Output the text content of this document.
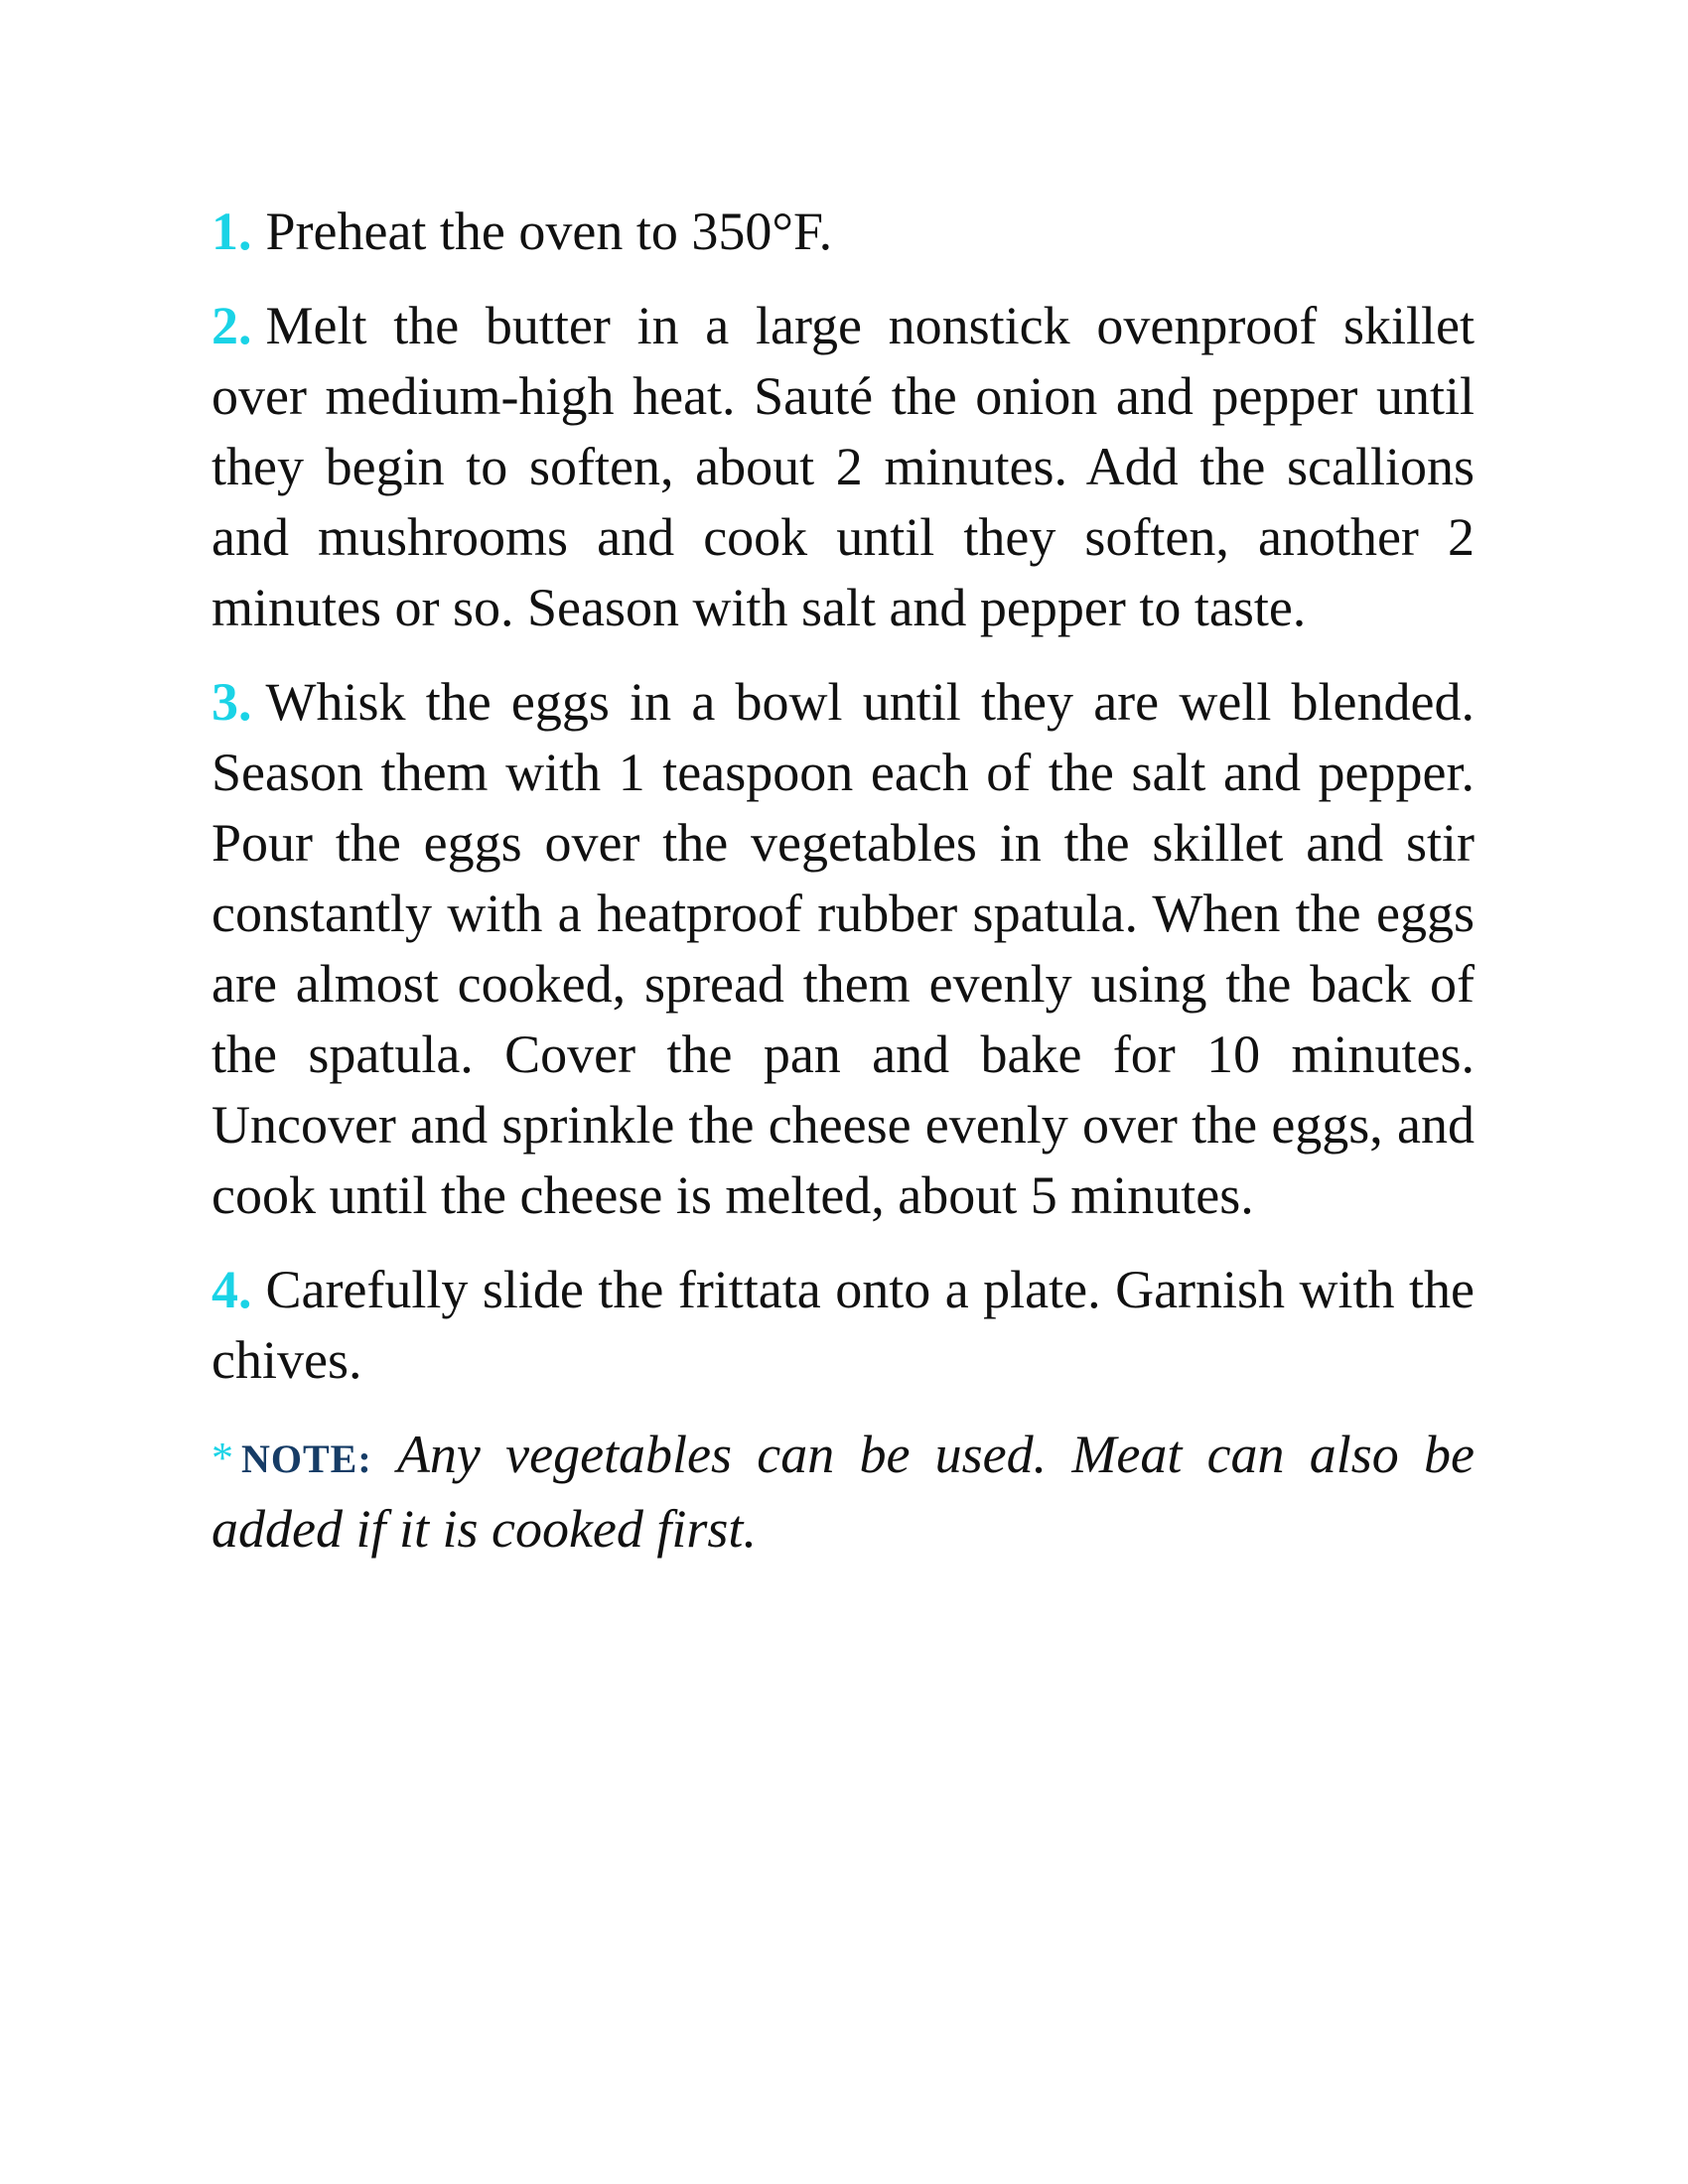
1. Preheat the oven to 350°F.

2. Melt the butter in a large nonstick ovenproof skillet over medium-high heat. Sauté the onion and pepper until they begin to soften, about 2 minutes. Add the scallions and mushrooms and cook until they soften, another 2 minutes or so. Season with salt and pepper to taste.

3. Whisk the eggs in a bowl until they are well blended. Season them with 1 teaspoon each of the salt and pepper. Pour the eggs over the vegetables in the skillet and stir constantly with a heatproof rubber spatula. When the eggs are almost cooked, spread them evenly using the back of the spatula. Cover the pan and bake for 10 minutes. Uncover and sprinkle the cheese evenly over the eggs, and cook until the cheese is melted, about 5 minutes.

4. Carefully slide the frittata onto a plate. Garnish with the chives.

* NOTE: Any vegetables can be used. Meat can also be added if it is cooked first.
